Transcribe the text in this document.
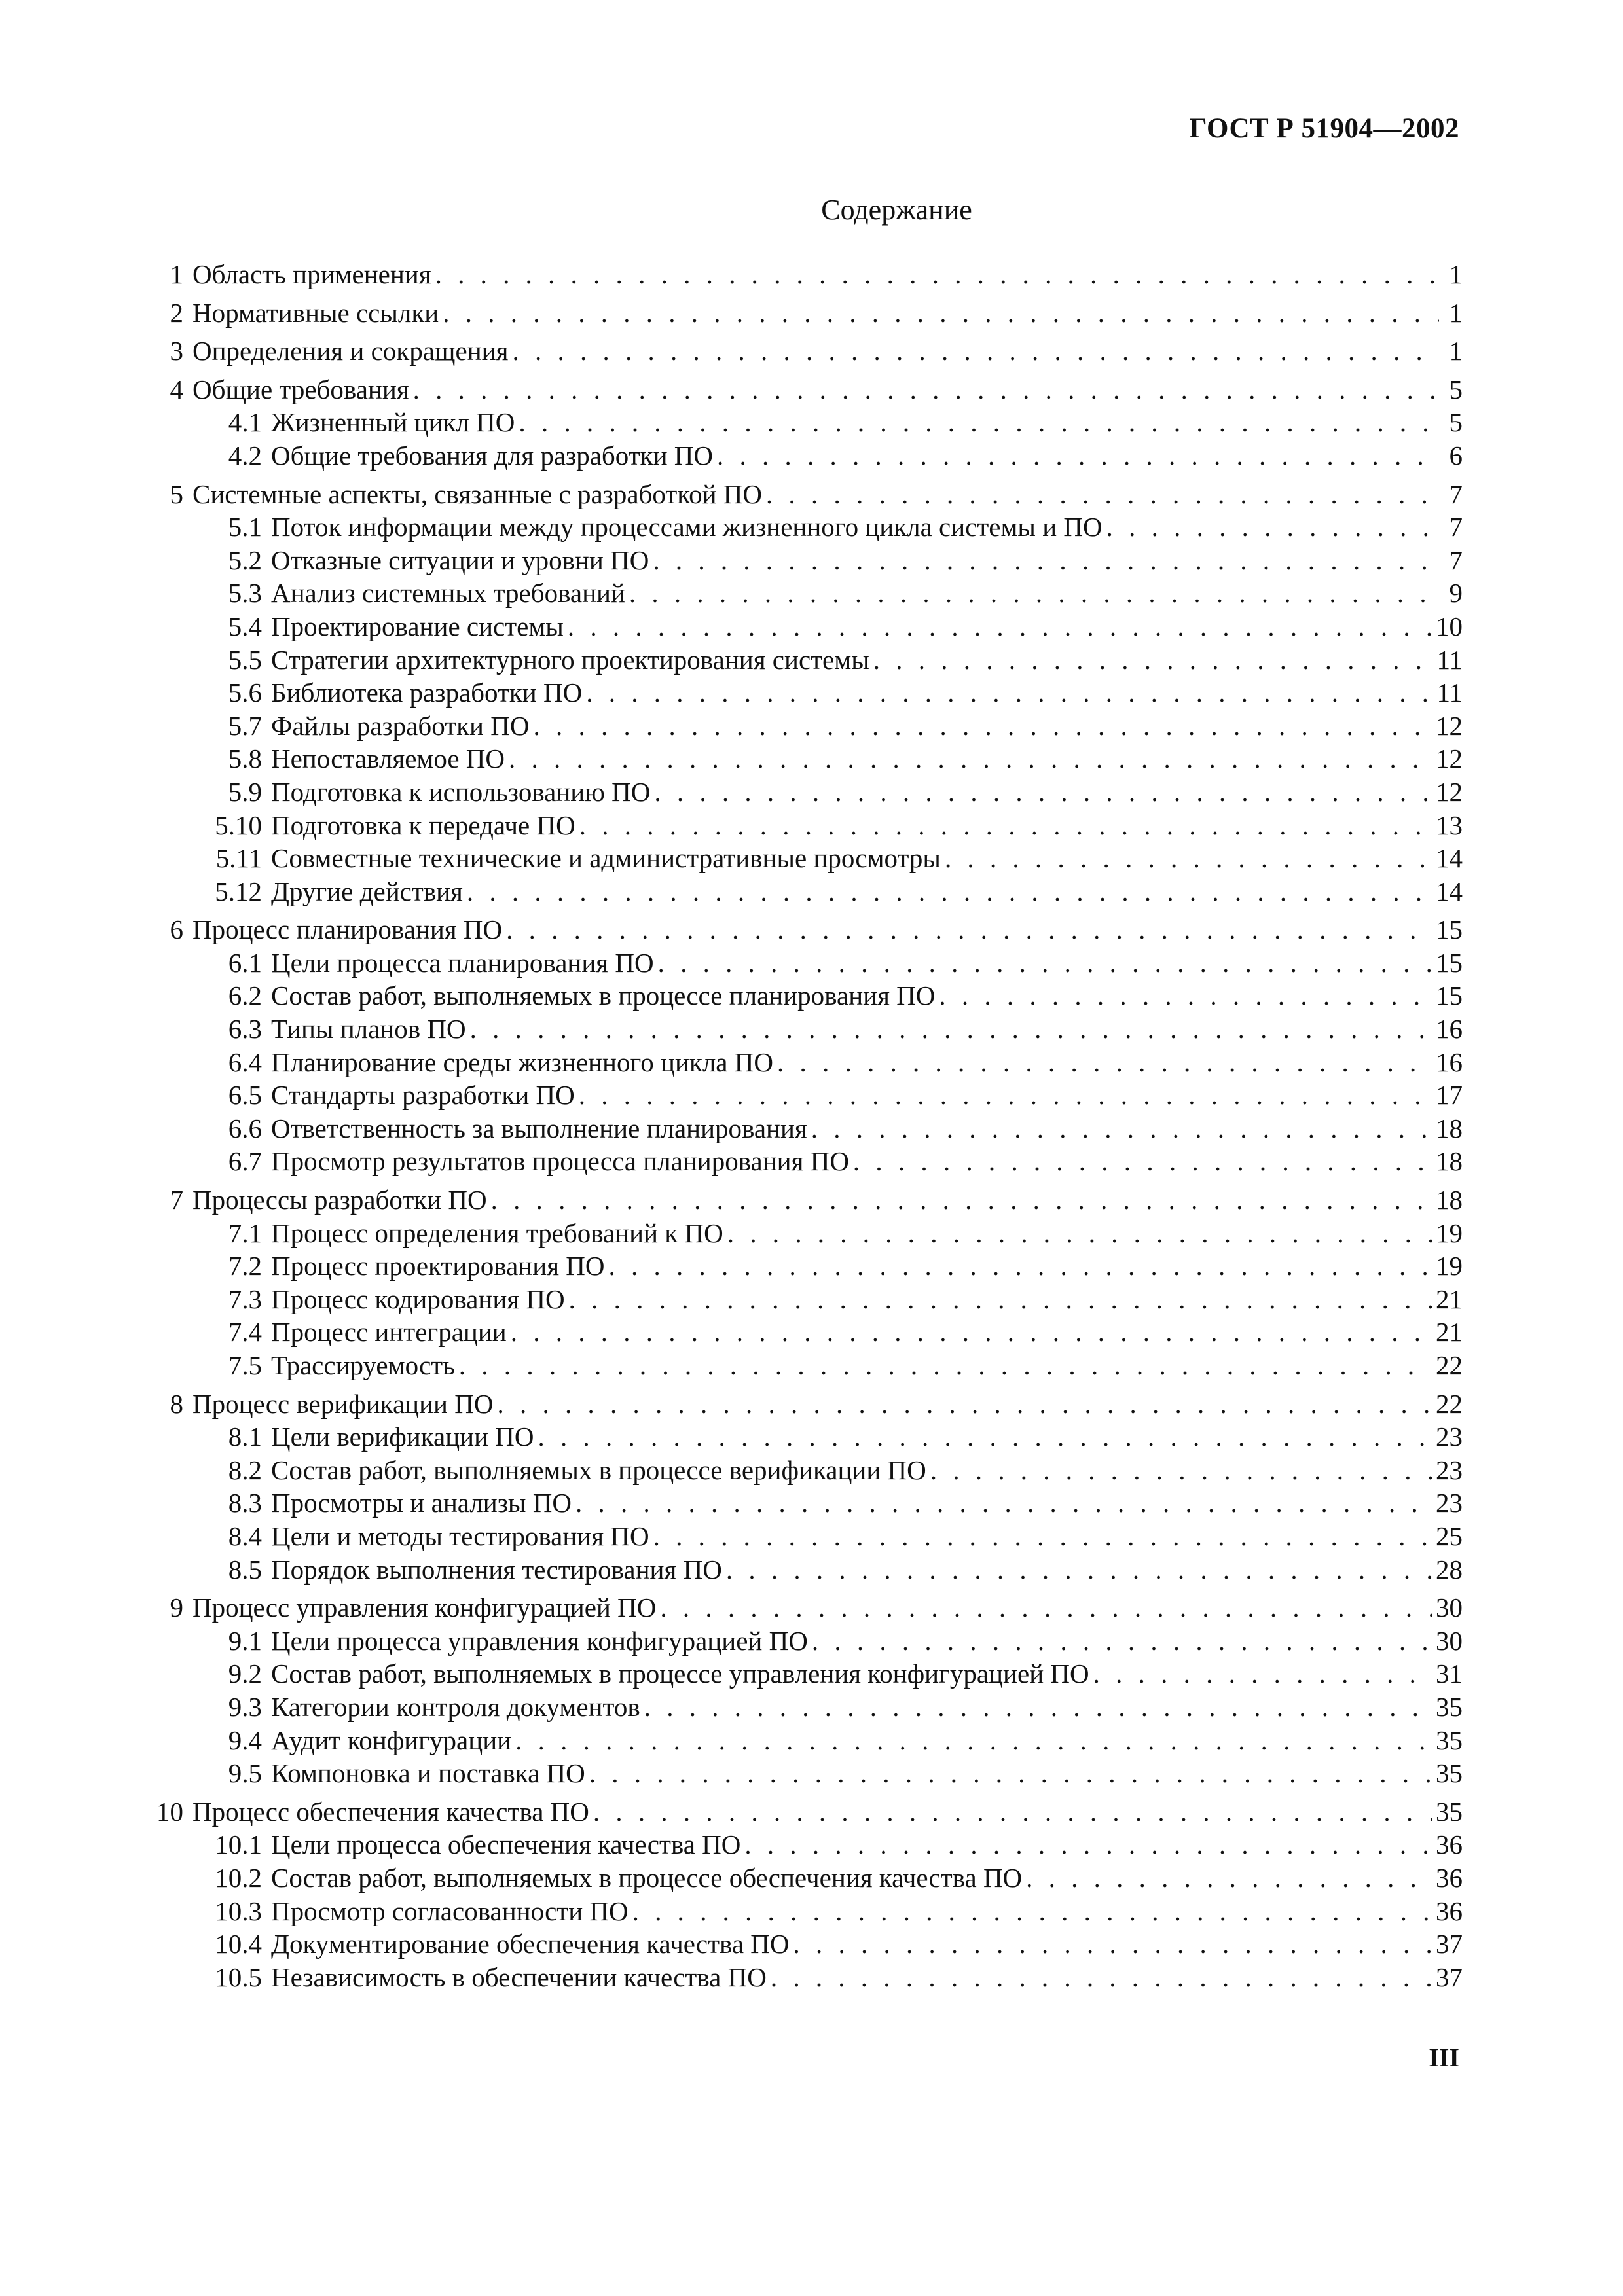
ГОСТ Р 51904—2002
Содержание
1 Область применения . . .	1
2 Нормативные ссылки . . .	1
3 Определения и сокращения . . .	1
4 Общие требования . . .	5
4.1 Жизненный цикл ПО . . .	5
4.2 Общие требования для разработки ПО . . .	6
5 Системные аспекты, связанные с разработкой ПО . . .	7
5.1 Поток информации между процессами жизненного цикла системы и ПО . . .	7
5.2 Отказные ситуации и уровни ПО . . .	7
5.3 Анализ системных требований . . .	9
5.4 Проектирование системы . . .	10
5.5 Стратегии архитектурного проектирования системы . . .	11
5.6 Библиотека разработки ПО . . .	11
5.7 Файлы разработки ПО . . .	12
5.8 Непоставляемое ПО . . .	12
5.9 Подготовка к использованию ПО . . .	12
5.10 Подготовка к передаче ПО . . .	13
5.11 Совместные технические и административные просмотры . . .	14
5.12 Другие действия . . .	14
6 Процесс планирования ПО . . .	15
6.1 Цели процесса планирования ПО . . .	15
6.2 Состав работ, выполняемых в процессе планирования ПО . . .	15
6.3 Типы планов ПО . . .	16
6.4 Планирование среды жизненного цикла ПО . . .	16
6.5 Стандарты разработки ПО . . .	17
6.6 Ответственность за выполнение планирования . . .	18
6.7 Просмотр результатов процесса планирования ПО . . .	18
7 Процессы разработки ПО . . .	18
7.1 Процесс определения требований к ПО . . .	19
7.2 Процесс проектирования ПО . . .	19
7.3 Процесс кодирования ПО . . .	21
7.4 Процесс интеграции . . .	21
7.5 Трассируемость . . .	22
8 Процесс верификации ПО . . .	22
8.1 Цели верификации ПО . . .	23
8.2 Состав работ, выполняемых в процессе верификации ПО . . .	23
8.3 Просмотры и анализы ПО . . .	23
8.4 Цели и методы тестирования ПО . . .	25
8.5 Порядок выполнения тестирования ПО . . .	28
9 Процесс управления конфигурацией ПО . . .	30
9.1 Цели процесса управления конфигурацией ПО . . .	30
9.2 Состав работ, выполняемых в процессе управления конфигурацией ПО . . .	31
9.3 Категории контроля документов . . .	35
9.4 Аудит конфигурации . . .	35
9.5 Компоновка и поставка ПО . . .	35
10 Процесс обеспечения качества ПО . . .	35
10.1 Цели процесса обеспечения качества ПО . . .	36
10.2 Состав работ, выполняемых в процессе обеспечения качества ПО . . .	36
10.3 Просмотр согласованности ПО . . .	36
10.4 Документирование обеспечения качества ПО . . .	37
10.5 Независимость в обеспечении качества ПО . . .	37
III
